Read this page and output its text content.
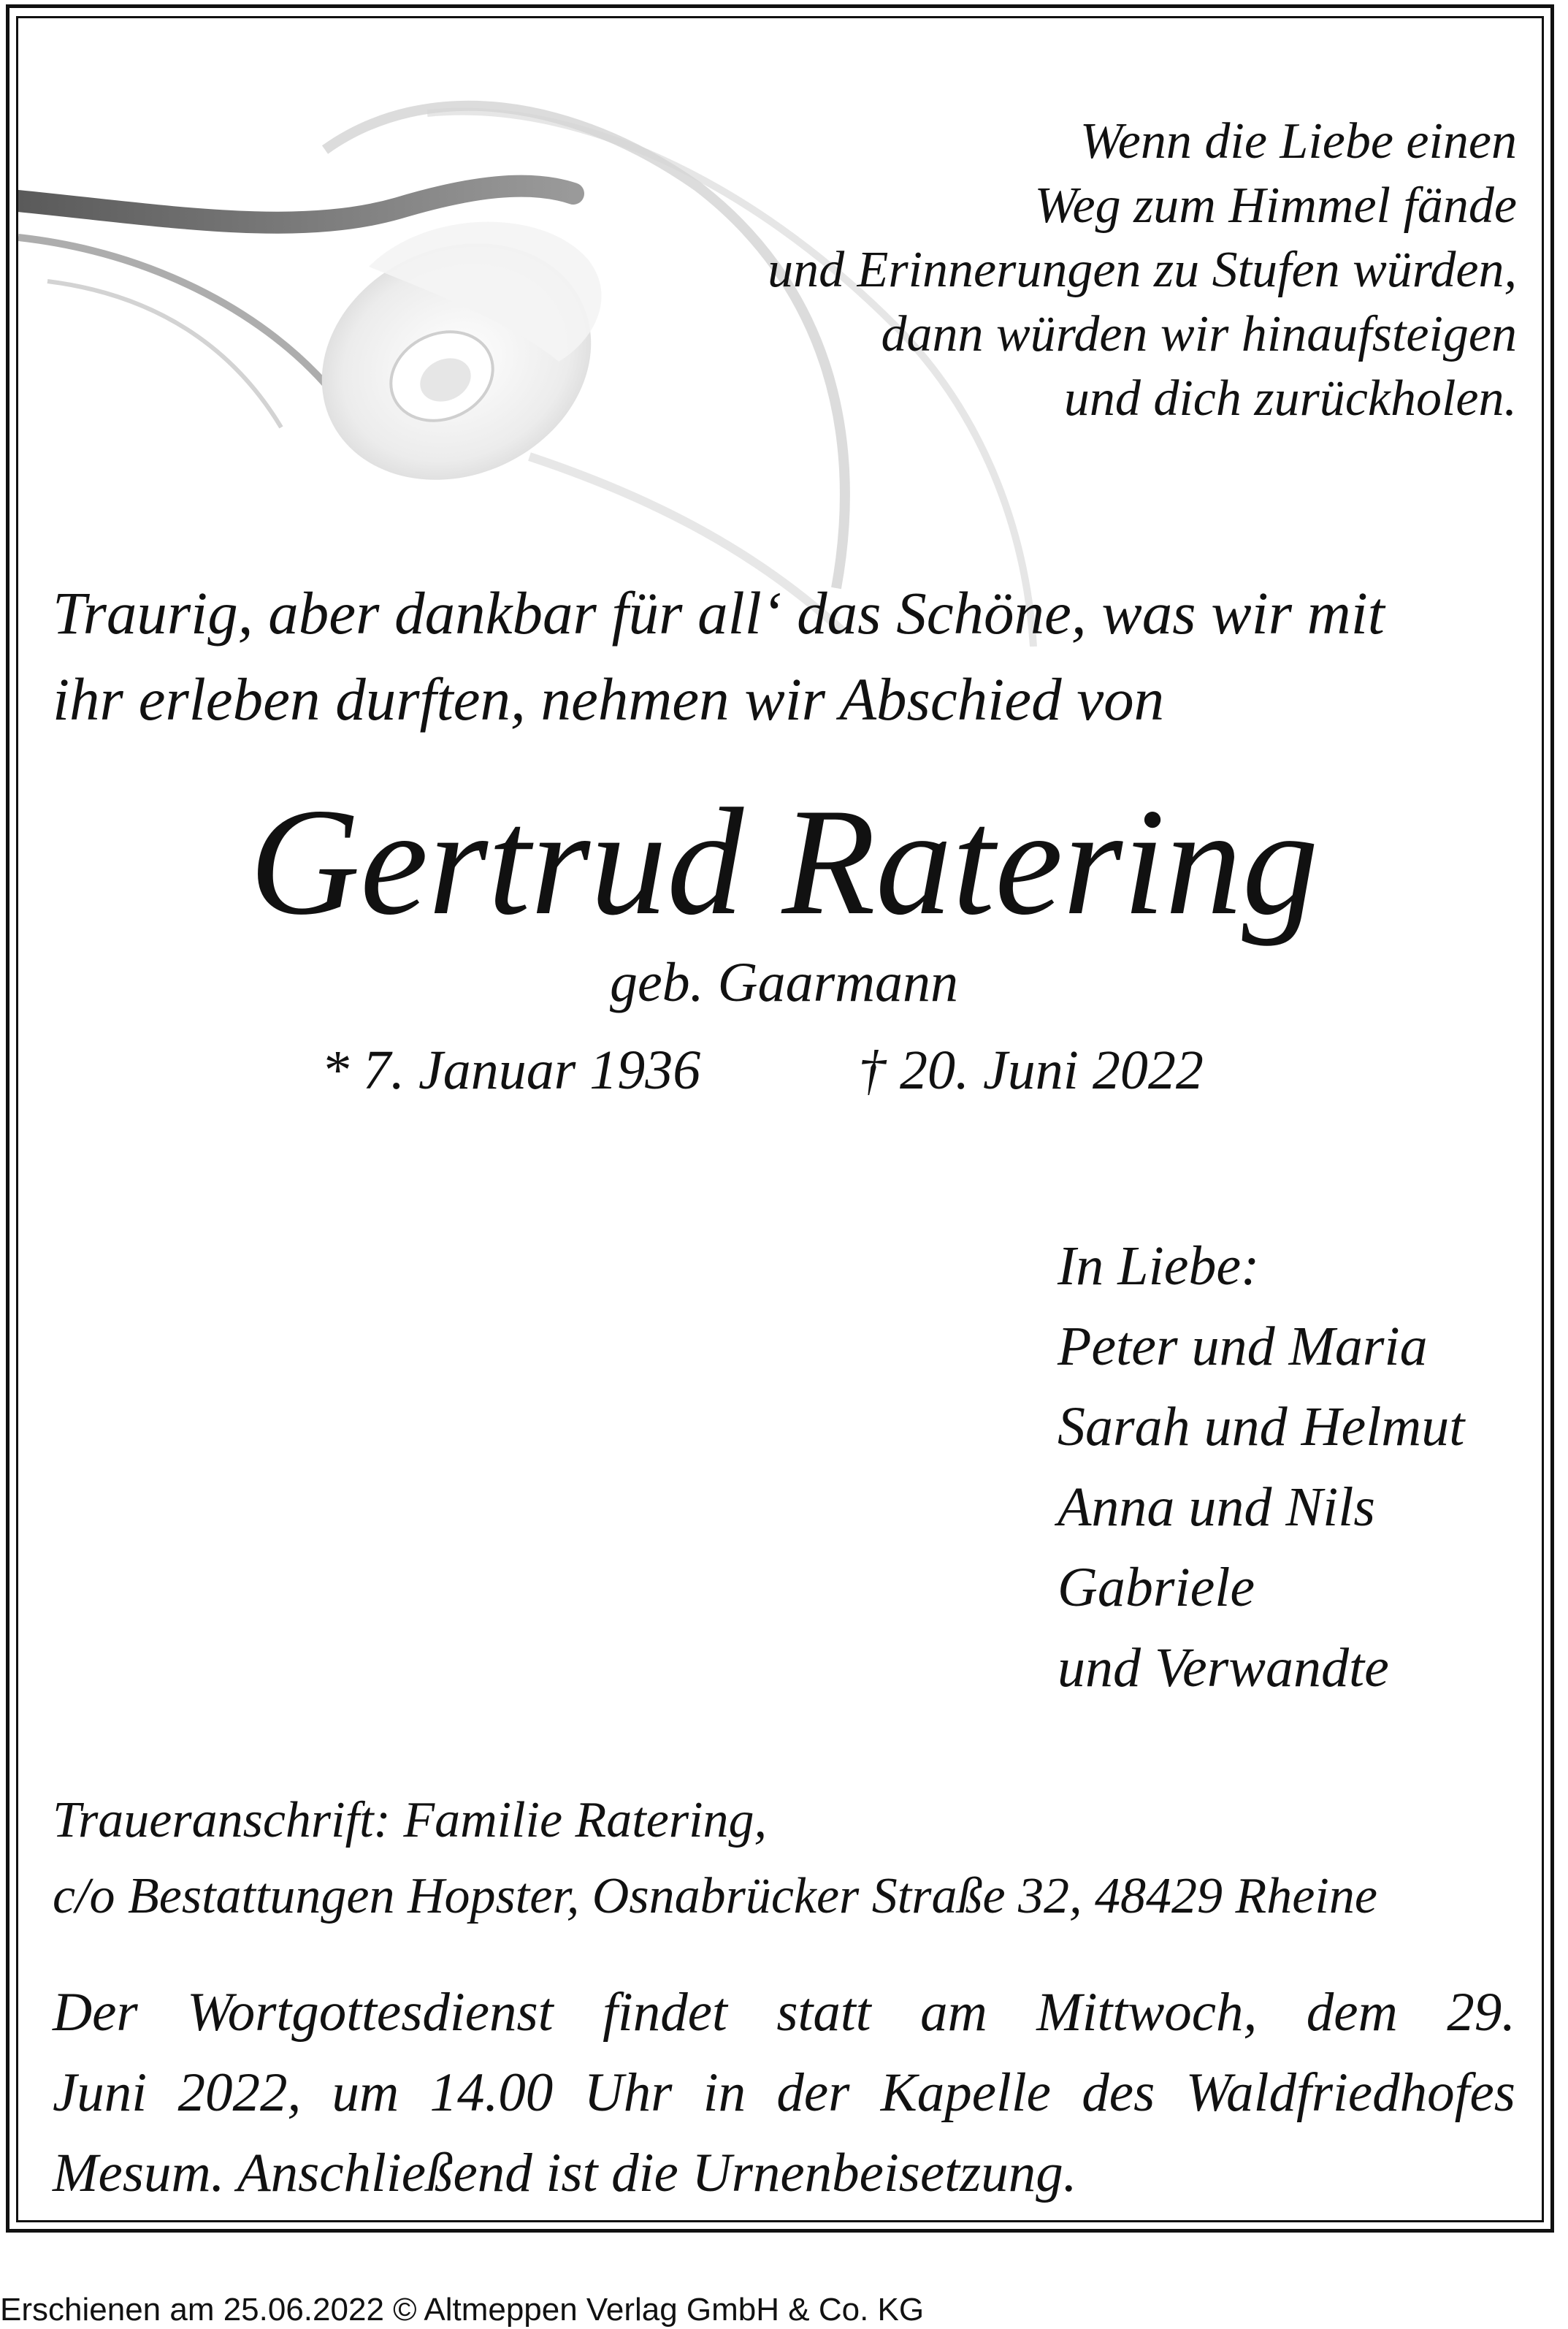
Wenn die Liebe einen
Weg zum Himmel fände
und Erinnerungen zu Stufen würden,
dann würden wir hinaufsteigen
und dich zurückholen.
Traurig, aber dankbar für all‘ das Schöne, was wir mit
ihr erleben durften, nehmen wir Abschied von
Gertrud Ratering
geb. Gaarmann
* 7. Januar 1936	† 20. Juni 2022
In Liebe:
Peter und Maria
Sarah und Helmut
Anna und Nils
Gabriele
und Verwandte
Traueranschrift: Familie Ratering,
c/o Bestattungen Hopster, Osnabrücker Straße 32, 48429 Rheine
Der Wortgottesdienst findet statt am Mittwoch, dem 29.
Juni 2022, um 14.00 Uhr in der Kapelle des Waldfriedhofes
Mesum. Anschließend ist die Urnenbeisetzung.
Erschienen am 25.06.2022 © Altmeppen Verlag GmbH & Co. KG
